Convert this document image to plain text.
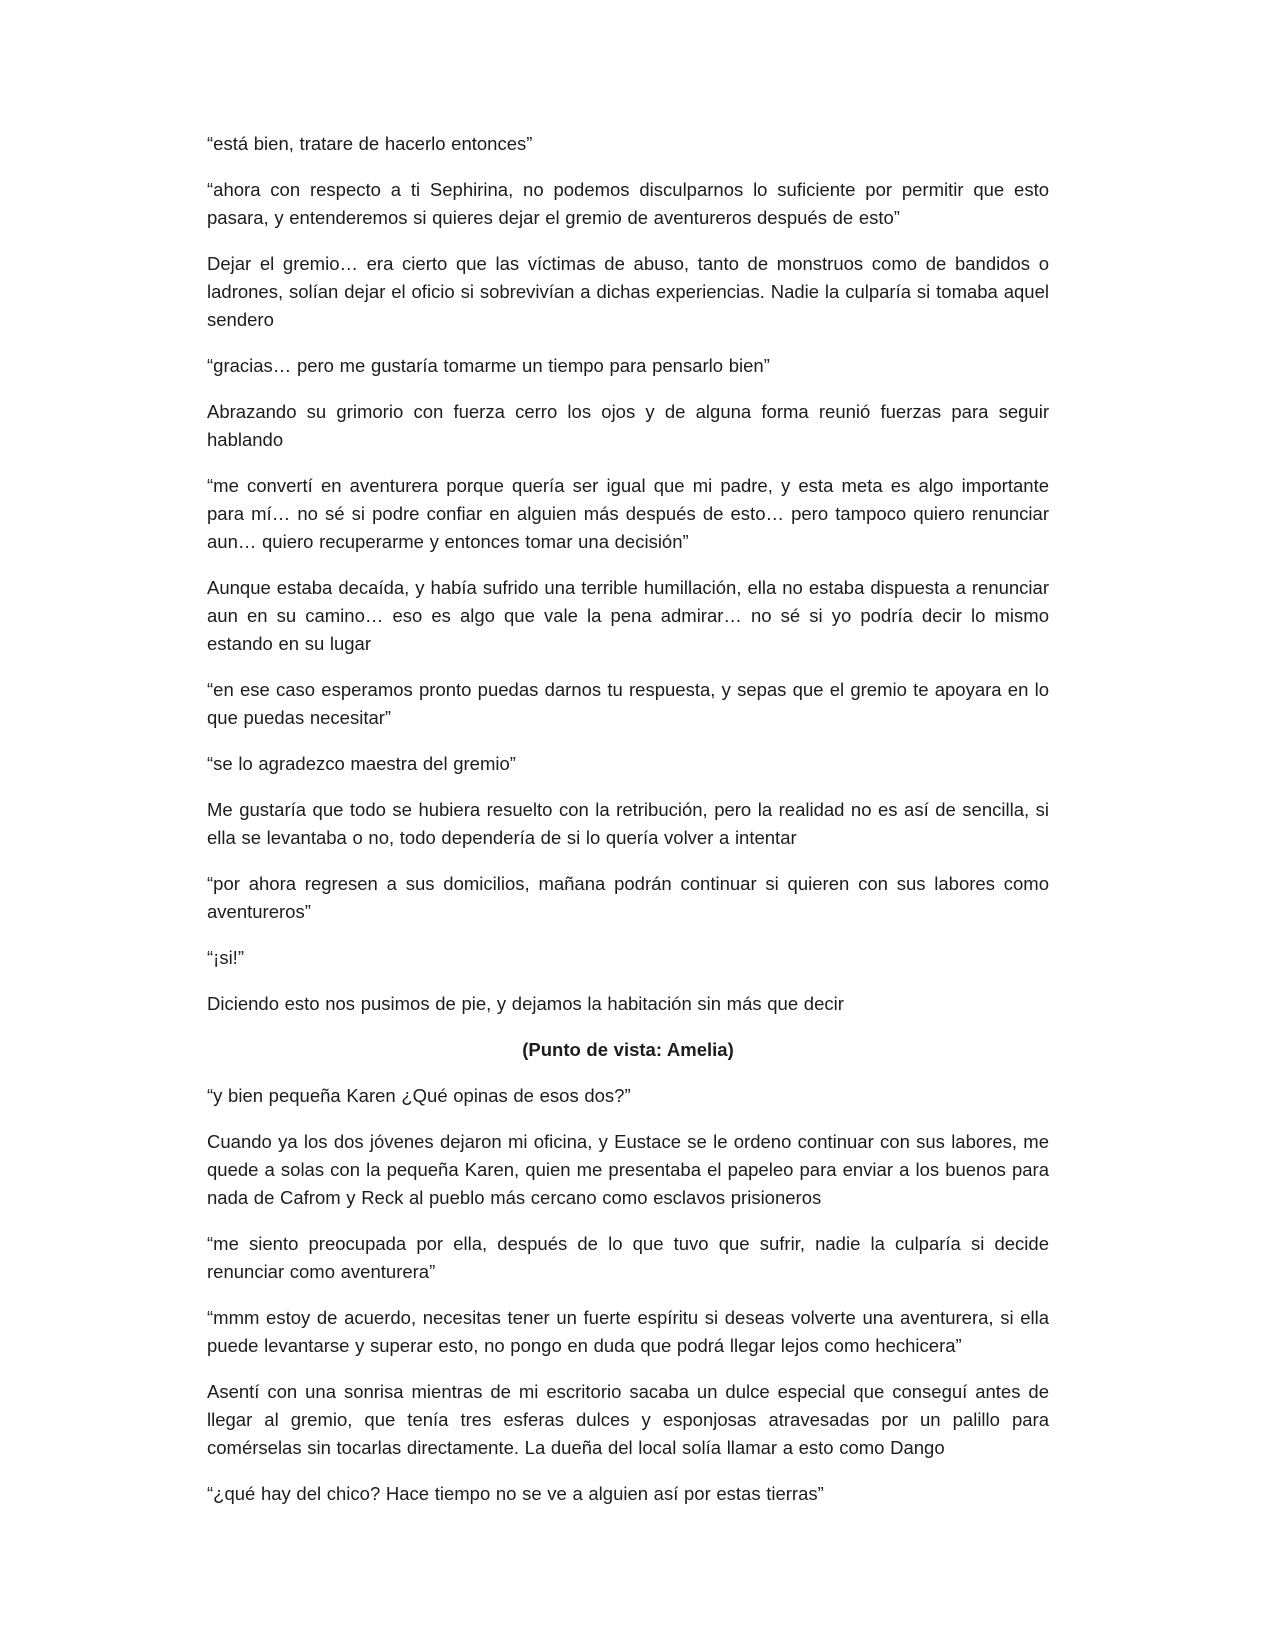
“está bien, tratare de hacerlo entonces”

“ahora con respecto a ti Sephirina, no podemos disculparnos lo suficiente por permitir que esto pasara, y entenderemos si quieres dejar el gremio de aventureros después de esto”

Dejar el gremio… era cierto que las víctimas de abuso, tanto de monstruos como de bandidos o ladrones, solían dejar el oficio si sobrevivían a dichas experiencias. Nadie la culparía si tomaba aquel sendero

“gracias… pero me gustaría tomarme un tiempo para pensarlo bien”

Abrazando su grimorio con fuerza cerro los ojos y de alguna forma reunió fuerzas para seguir hablando

“me convertí en aventurera porque quería ser igual que mi padre, y esta meta es algo importante para mí… no sé si podre confiar en alguien más después de esto… pero tampoco quiero renunciar aun… quiero recuperarme y entonces tomar una decisión”

Aunque estaba decaída, y había sufrido una terrible humillación, ella no estaba dispuesta a renunciar aun en su camino… eso es algo que vale la pena admirar… no sé si yo podría decir lo mismo estando en su lugar

“en ese caso esperamos pronto puedas darnos tu respuesta, y sepas que el gremio te apoyara en lo que puedas necesitar”

“se lo agradezco maestra del gremio”

Me gustaría que todo se hubiera resuelto con la retribución, pero la realidad no es así de sencilla, si ella se levantaba o no, todo dependería de si lo quería volver a intentar

“por ahora regresen a sus domicilios, mañana podrán continuar si quieren con sus labores como aventureros”

“¡si!”

Diciendo esto nos pusimos de pie, y dejamos la habitación sin más que decir

(Punto de vista: Amelia)

“y bien pequeña Karen ¿Qué opinas de esos dos?”

Cuando ya los dos jóvenes dejaron mi oficina, y Eustace se le ordeno continuar con sus labores, me quede a solas con la pequeña Karen, quien me presentaba el papeleo para enviar a los buenos para nada de Cafrom y Reck al pueblo más cercano como esclavos prisioneros

“me siento preocupada por ella, después de lo que tuvo que sufrir, nadie la culparía si decide renunciar como aventurera”

“mmm estoy de acuerdo, necesitas tener un fuerte espíritu si deseas volverte una aventurera, si ella puede levantarse y superar esto, no pongo en duda que podrá llegar lejos como hechicera”

Asentí con una sonrisa mientras de mi escritorio sacaba un dulce especial que conseguí antes de llegar al gremio, que tenía tres esferas dulces y esponjosas atravesadas por un palillo para comérselas sin tocarlas directamente. La dueña del local solía llamar a esto como Dango

“¿qué hay del chico? Hace tiempo no se ve a alguien así por estas tierras”
